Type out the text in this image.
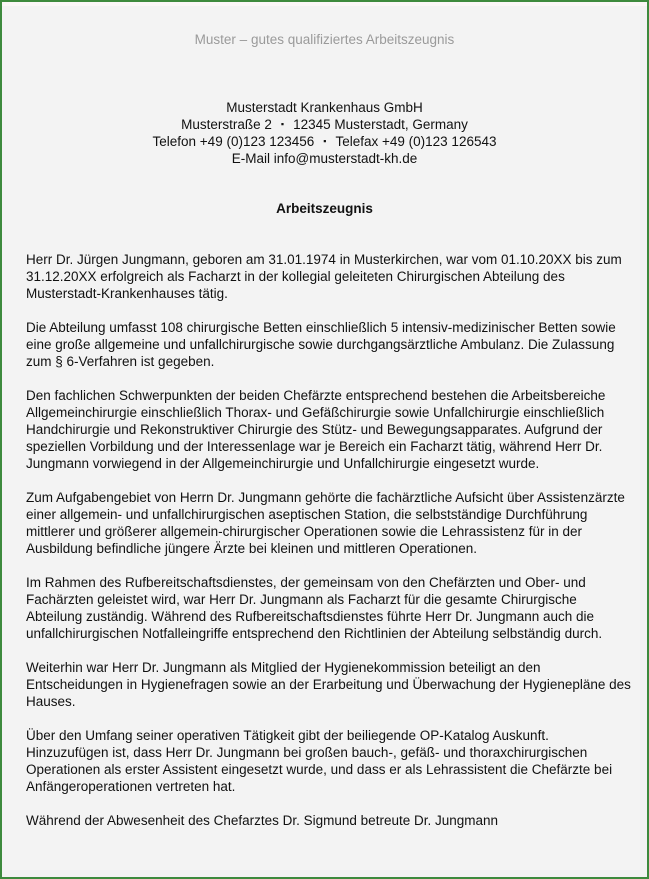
Muster – gutes qualifiziertes Arbeitszeugnis
Musterstadt Krankenhaus GmbH
Musterstraße 2 ▪ 12345 Musterstadt, Germany
Telefon +49 (0)123 123456 ▪ Telefax +49 (0)123 126543
E-Mail info@musterstadt-kh.de
Arbeitszeugnis

Herr Dr. Jürgen Jungmann, geboren am 31.01.1974 in Musterkirchen, war vom 01.10.20XX bis zum 31.12.20XX erfolgreich als Facharzt in der kollegial geleiteten Chirurgischen Abteilung des Musterstadt-Krankenhauses tätig.

Die Abteilung umfasst 108 chirurgische Betten einschließlich 5 intensiv-medizinischer Betten sowie eine große allgemeine und unfallchirurgische sowie durchgangsärztliche Ambulanz. Die Zulassung zum § 6-Verfahren ist gegeben.

Den fachlichen Schwerpunkten der beiden Chefärzte entsprechend bestehen die Arbeitsbereiche Allgemeinchirurgie einschließlich Thorax- und Gefäßchirurgie sowie Unfallchirurgie einschließlich Handchirurgie und Rekonstruktiver Chirurgie des Stütz- und Bewegungsapparates. Aufgrund der speziellen Vorbildung und der Interessenlage war je Bereich ein Facharzt tätig, während Herr Dr. Jungmann vorwiegend in der Allgemeinchirurgie und Unfallchirurgie eingesetzt wurde.

Zum Aufgabengebiet von Herrn Dr. Jungmann gehörte die fachärztliche Aufsicht über Assistenzärzte einer allgemein- und unfallchirurgischen aseptischen Station, die selbstständige Durchführung mittlerer und größerer allgemein-chirurgischer Operationen sowie die Lehrassistenz für in der Ausbildung befindliche jüngere Ärzte bei kleinen und mittleren Operationen.

Im Rahmen des Rufbereitschaftsdienstes, der gemeinsam von den Chefärzten und Ober- und Fachärzten geleistet wird, war Herr Dr. Jungmann als Facharzt für die gesamte Chirurgische Abteilung zuständig. Während des Rufbereitschaftsdienstes führte Herr Dr. Jungmann auch die unfallchirurgischen Notfalleingriffe entsprechend den Richtlinien der Abteilung selbständig durch.

Weiterhin war Herr Dr. Jungmann als Mitglied der Hygienekommission beteiligt an den Entscheidungen in Hygienefragen sowie an der Erarbeitung und Überwachung der Hygienepläne des Hauses.

Über den Umfang seiner operativen Tätigkeit gibt der beiliegende OP-Katalog Auskunft. Hinzuzufügen ist, dass Herr Dr. Jungmann bei großen bauch-, gefäß- und thoraxchirurgischen Operationen als erster Assistent eingesetzt wurde, und dass er als Lehrassistent die Chefärzte bei Anfängeroperationen vertreten hat.

Während der Abwesenheit des Chefarztes Dr. Sigmund betreute Dr. Jungmann
